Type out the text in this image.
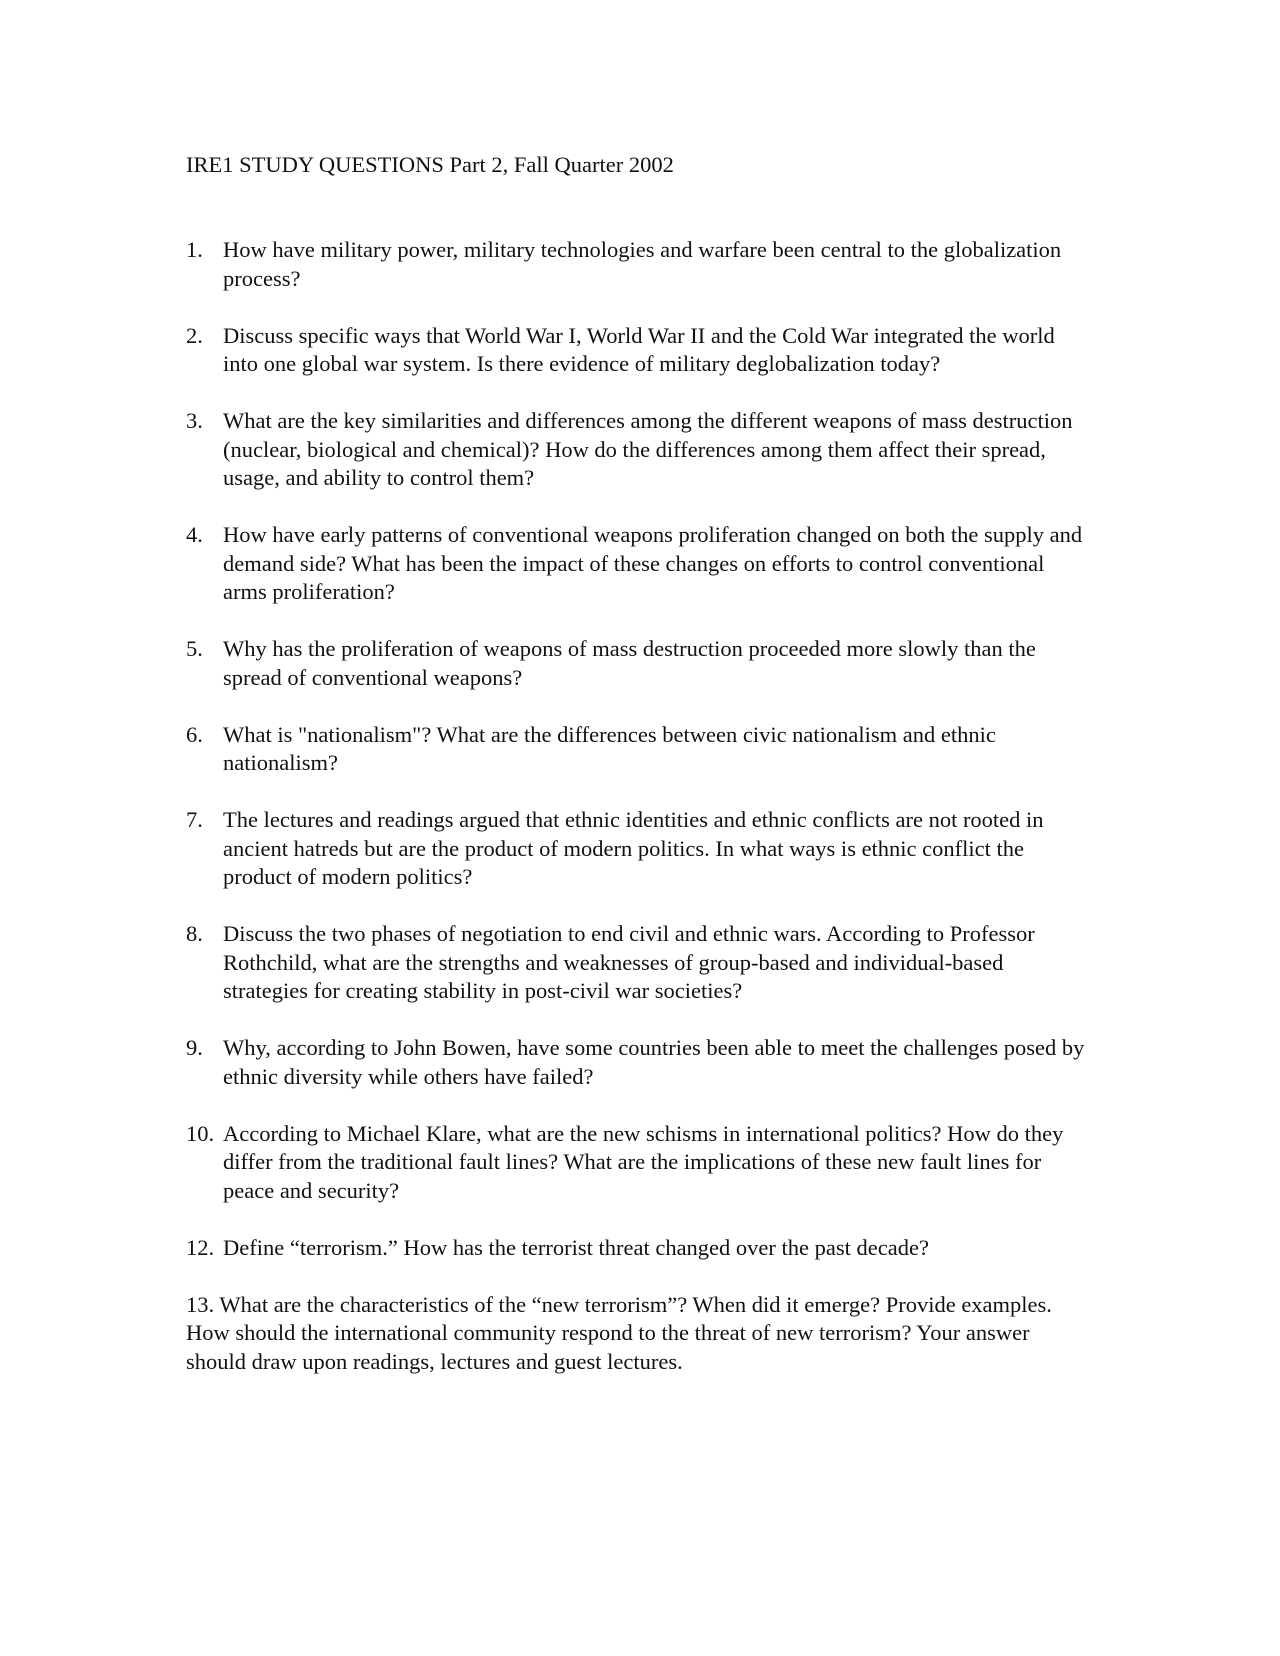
IRE1 STUDY QUESTIONS Part 2, Fall Quarter 2002
1. How have military power, military technologies and warfare been central to the globalization process?
2. Discuss specific ways that World War I, World War II and the Cold War integrated the world into one global war system. Is there evidence of military deglobalization today?
3. What are the key similarities and differences among the different weapons of mass destruction (nuclear, biological and chemical)? How do the differences among them affect their spread, usage, and ability to control them?
4. How have early patterns of conventional weapons proliferation changed on both the supply and demand side? What has been the impact of these changes on efforts to control conventional arms proliferation?
5. Why has the proliferation of weapons of mass destruction proceeded more slowly than the spread of conventional weapons?
6. What is "nationalism"? What are the differences between civic nationalism and ethnic nationalism?
7. The lectures and readings argued that ethnic identities and ethnic conflicts are not rooted in ancient hatreds but are the product of modern politics. In what ways is ethnic conflict the product of modern politics?
8. Discuss the two phases of negotiation to end civil and ethnic wars. According to Professor Rothchild, what are the strengths and weaknesses of group-based and individual-based strategies for creating stability in post-civil war societies?
9. Why, according to John Bowen, have some countries been able to meet the challenges posed by ethnic diversity while others have failed?
10. According to Michael Klare, what are the new schisms in international politics? How do they differ from the traditional fault lines? What are the implications of these new fault lines for peace and security?
12. Define “terrorism.” How has the terrorist threat changed over the past decade?
13. What are the characteristics of the “new terrorism”? When did it emerge? Provide examples. How should the international community respond to the threat of new terrorism? Your answer should draw upon readings, lectures and guest lectures.
